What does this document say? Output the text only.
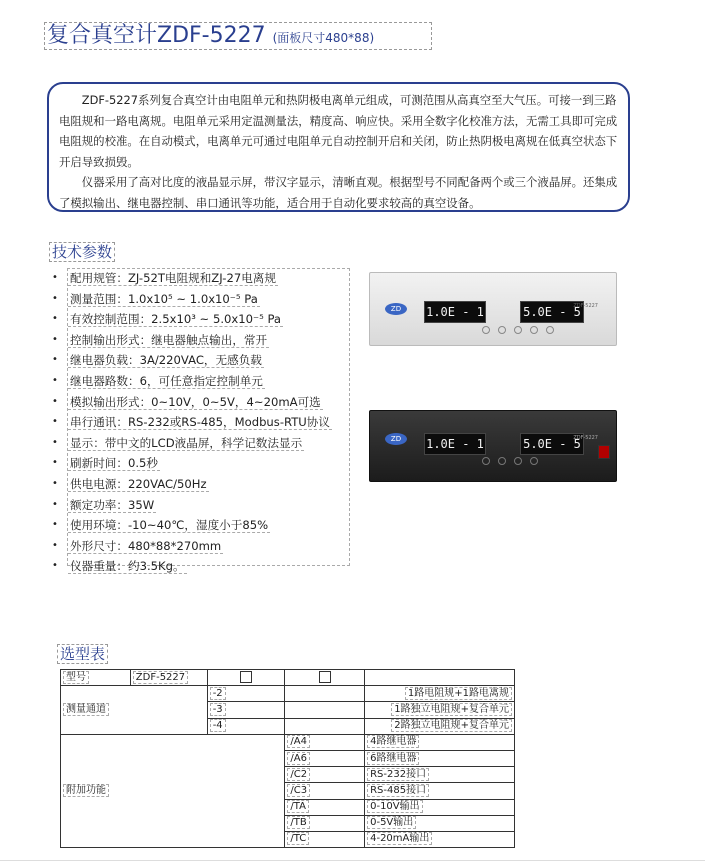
复合真空计ZDF-5227 (面板尺寸480*88)

ZDF-5227系列复合真空计由电阻单元和热阴极电离单元组成，可测范围从高真空至大气压。可接一到三路电阻规和一路电离规。电阻单元采用定温测量法，精度高、响应快。采用全数字化校准方法，无需工具即可完成电阻规的校准。在自动模式，电离单元可通过电阻单元自动控制开启和关闭，防止热阴极电离规在低真空状态下开启导致损毁。

仪器采用了高对比度的液晶显示屏，带汉字显示，清晰直观。根据型号不同配备两个或三个液晶屏。还集成了模拟输出、继电器控制、串口通讯等功能，适合用于自动化要求较高的真空设备。

技术参数
• 配用规管：ZJ-52T电阻规和ZJ-27电离规
• 测量范围：1.0x10⁵ ~ 1.0x10⁻⁵ Pa
• 有效控制范围：2.5x10³ ~ 5.0x10⁻⁵ Pa
• 控制输出形式：继电器触点输出，常开
• 继电器负载：3A/220VAC，无感负载
• 继电器路数：6，可任意指定控制单元
• 模拟输出形式：0~10V，0~5V，4~20mA可选
• 串行通讯：RS-232或RS-485，Modbus-RTU协议
• 显示：带中文的LCD液晶屏，科学记数法显示
• 刷新时间：0.5秒
• 供电电源：220VAC/50Hz
• 额定功率：35W
• 使用环境：-10~40℃，湿度小于85%
• 外形尺寸：480*88*270mm
• 仪器重量：约3.5Kg。
ZD	1.0E - 1	5.0E - 5
ZDF-5227
ZD	1.0E - 1	5.0E - 5
ZDF-5227
选型表
型号	ZDF-5227			
测量通道		-2		1路电阻规+1路电离规
		-3		1路独立电阻规+复合单元
		-4		2路独立电阻规+复合单元
附加功能			/A4	4路继电器
			/A6	6路继电器
			/C2	RS-232接口
			/C3	RS-485接口
			/TA	0-10V输出
			/TB	0-5V输出
			/TC	4-20mA输出
